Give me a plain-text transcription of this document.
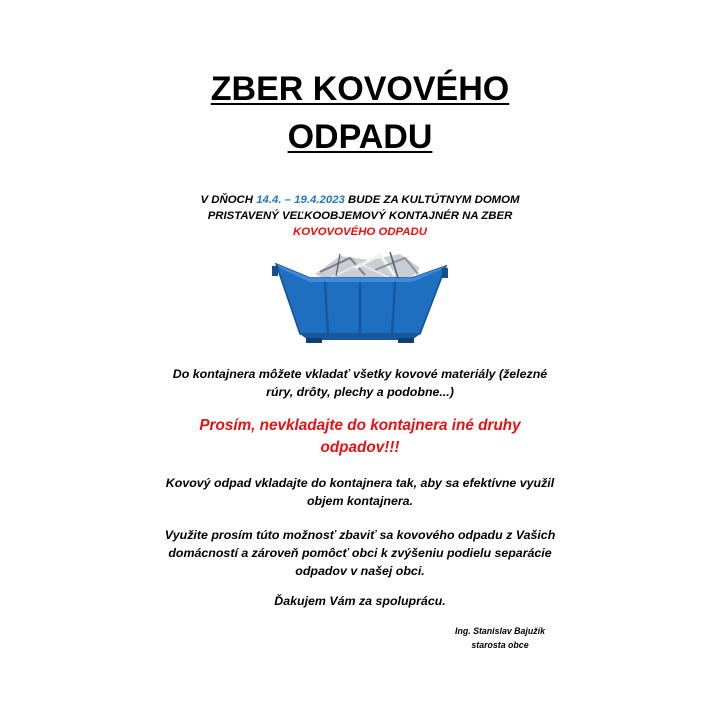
ZBER KOVOVÉHO
ODPADU
V DŇOCH 14.4. – 19.4.2023 BUDE ZA KULTÚTNYM DOMOM
PRISTAVENÝ VEĽKOOBJEMOVÝ KONTAJNÉR NA ZBER
KOVOVOVÉHO ODPADU
Do kontajnera môžete vkladať všetky kovové materiály (železné
rúry, drôty, plechy a podobne...)
Prosím, nevkladajte do kontajnera iné druhy
odpadov!!!
Kovový odpad vkladajte do kontajnera tak, aby sa efektívne využil
objem kontajnera.
Využite prosím túto možnosť zbaviť sa kovového odpadu z Vašich
domácností a zároveň pomôcť obci k zvýšeniu podielu separácie
odpadov v našej obci.
Ďakujem Vám za spoluprácu.
Ing. Stanislav Bajužík
starosta obce
